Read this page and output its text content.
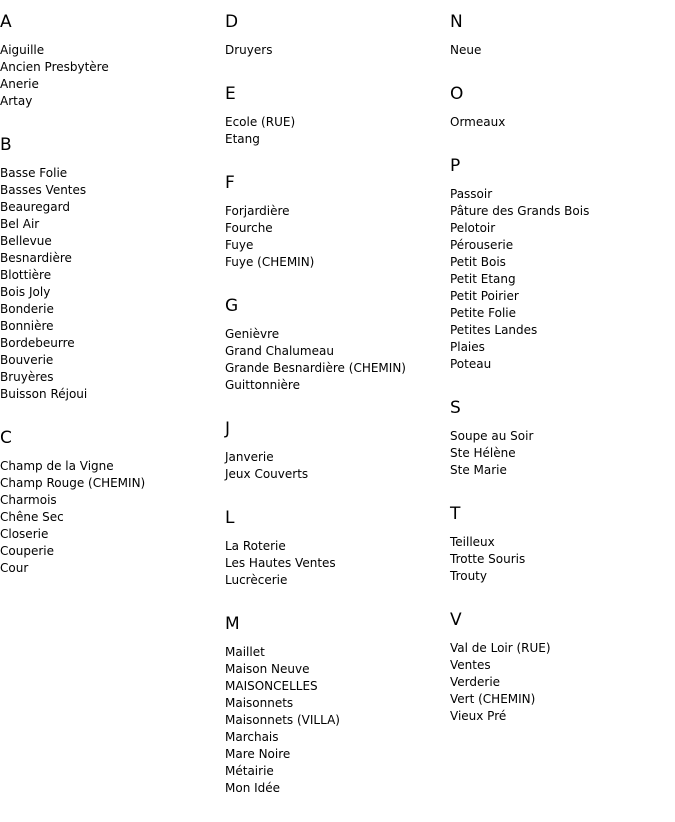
A
Aiguille
Ancien Presbytère
Anerie
Artay
B
Basse Folie
Basses Ventes
Beauregard
Bel Air
Bellevue
Besnardière
Blottière
Bois Joly
Bonderie
Bonnière
Bordebeurre
Bouverie
Bruyères
Buisson Réjoui
C
Champ de la Vigne
Champ Rouge (CHEMIN)
Charmois
Chêne Sec
Closerie
Couperie
Cour
D
Druyers
E
Ecole (RUE)
Etang
F
Forjardière
Fourche
Fuye
Fuye (CHEMIN)
G
Genièvre
Grand Chalumeau
Grande Besnardière (CHEMIN)
Guittonnière
J
Janverie
Jeux Couverts
L
La Roterie
Les Hautes Ventes
Lucrècerie
M
Maillet
Maison Neuve
MAISONCELLES
Maisonnets
Maisonnets (VILLA)
Marchais
Mare Noire
Métairie
Mon Idée
N
Neue
O
Ormeaux
P
Passoir
Pâture des Grands Bois
Pelotoir
Pérouserie
Petit Bois
Petit Etang
Petit Poirier
Petite Folie
Petites Landes
Plaies
Poteau
S
Soupe au Soir
Ste Hélène
Ste Marie
T
Teilleux
Trotte Souris
Trouty
V
Val de Loir (RUE)
Ventes
Verderie
Vert (CHEMIN)
Vieux Pré
